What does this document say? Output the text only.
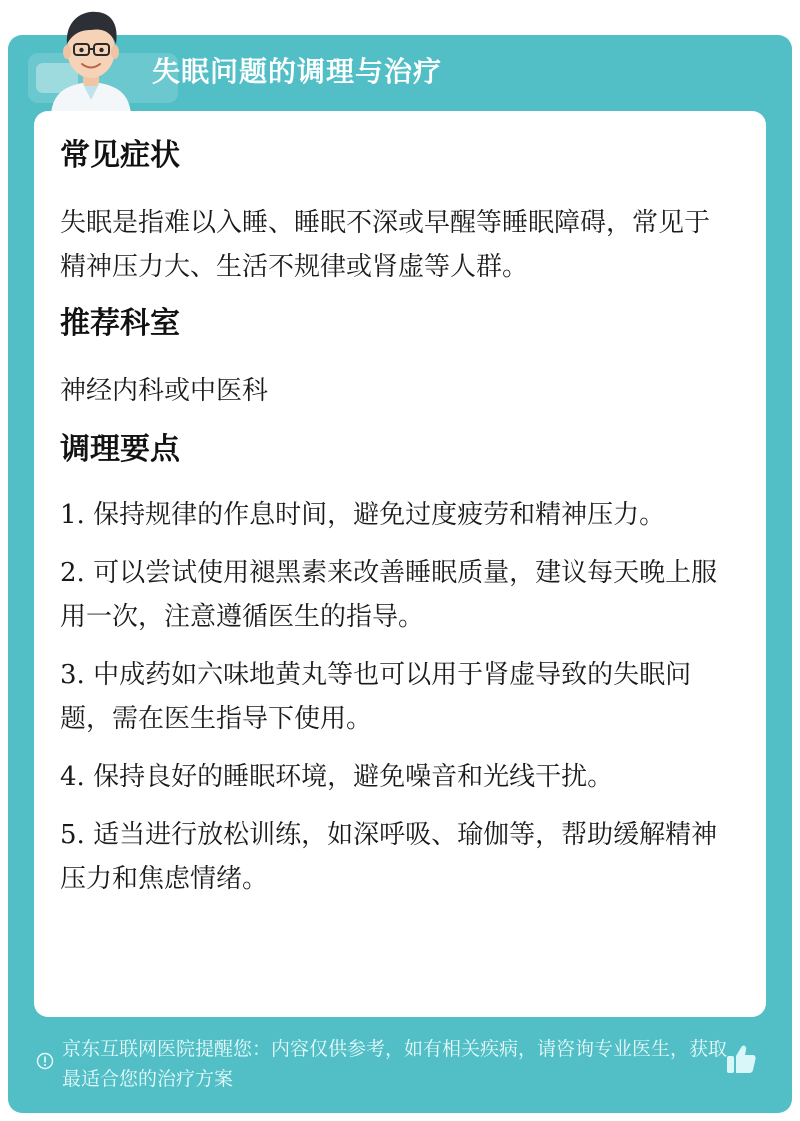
失眠问题的调理与治疗
常见症状

失眠是指难以入睡、睡眠不深或早醒等睡眠障碍，常见于精神压力大、生活不规律或肾虚等人群。

推荐科室

神经内科或中医科

调理要点

1. 保持规律的作息时间，避免过度疲劳和精神压力。

2. 可以尝试使用褪黑素来改善睡眠质量，建议每天晚上服用一次，注意遵循医生的指导。

3. 中成药如六味地黄丸等也可以用于肾虚导致的失眠问题，需在医生指导下使用。

4. 保持良好的睡眠环境，避免噪音和光线干扰。

5. 适当进行放松训练，如深呼吸、瑜伽等，帮助缓解精神压力和焦虑情绪。

京东互联网医院提醒您：内容仅供参考，如有相关疾病，请咨询专业医生，获取最适合您的治疗方案
